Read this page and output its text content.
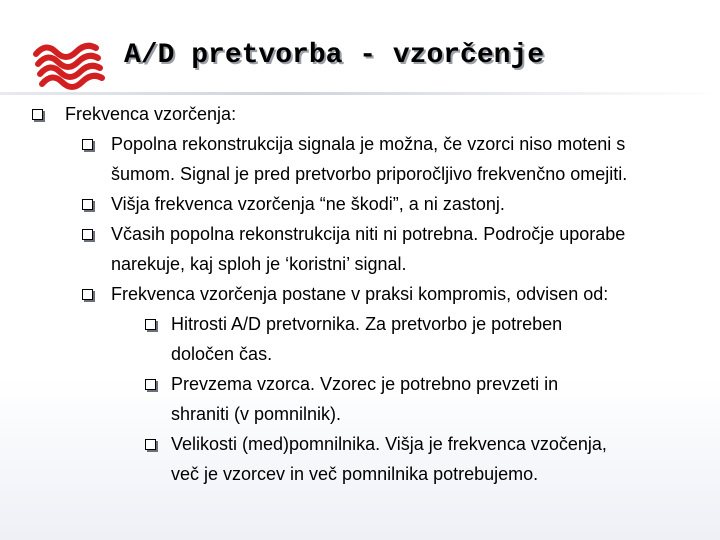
A/D pretvorba - vzorčenje
Frekvenca vzorčenja:
Popolna rekonstrukcija signala je možna, če vzorci niso moteni s
šumom. Signal je pred pretvorbo priporočljivo frekvenčno omejiti.
Višja frekvenca vzorčenja “ne škodi”, a ni zastonj.
Včasih popolna rekonstrukcija niti ni potrebna. Področje uporabe
narekuje, kaj sploh je ‘koristni’ signal.
Frekvenca vzorčenja postane v praksi kompromis, odvisen od:
Hitrosti A/D pretvornika. Za pretvorbo je potreben
določen čas.
Prevzema vzorca. Vzorec je potrebno prevzeti in
shraniti (v pomnilnik).
Velikosti (med)pomnilnika. Višja je frekvenca vzočenja,
več je vzorcev in več pomnilnika potrebujemo.
